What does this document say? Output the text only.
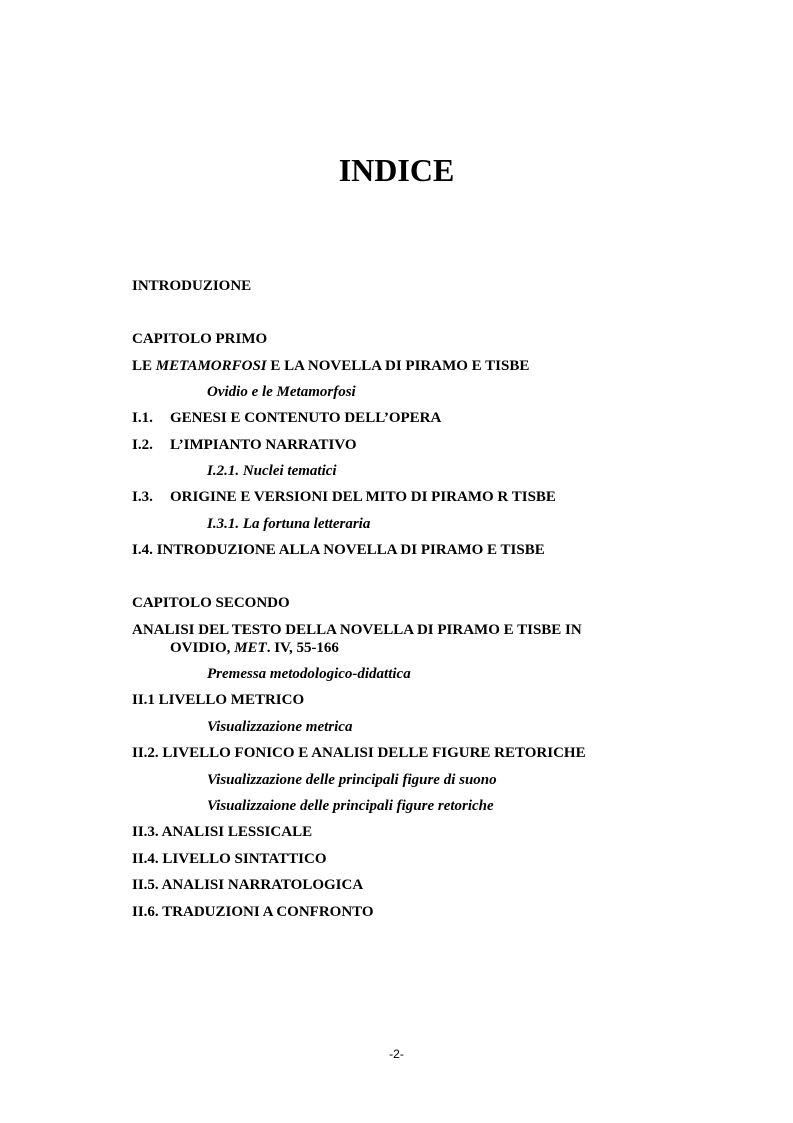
INDICE
INTRODUZIONE
CAPITOLO PRIMO
LE METAMORFOSI E LA NOVELLA DI PIRAMO E TISBE
Ovidio e le Metamorfosi
I.1. GENESI E CONTENUTO DELL’OPERA
I.2. L’IMPIANTO NARRATIVO
I.2.1. Nuclei tematici
I.3. ORIGINE E VERSIONI DEL MITO DI PIRAMO R TISBE
I.3.1. La fortuna letteraria
I.4. INTRODUZIONE ALLA NOVELLA DI PIRAMO E TISBE
CAPITOLO SECONDO
ANALISI DEL TESTO DELLA NOVELLA DI PIRAMO E TISBE IN
OVIDIO, MET. IV, 55-166
Premessa metodologico-didattica
II.1 LIVELLO METRICO
Visualizzazione metrica
II.2. LIVELLO FONICO E ANALISI DELLE FIGURE RETORICHE
Visualizzazione delle principali figure di suono
Visualizzaione delle principali figure retoriche
II.3. ANALISI LESSICALE
II.4. LIVELLO SINTATTICO
II.5. ANALISI NARRATOLOGICA
II.6. TRADUZIONI A CONFRONTO
-2-
